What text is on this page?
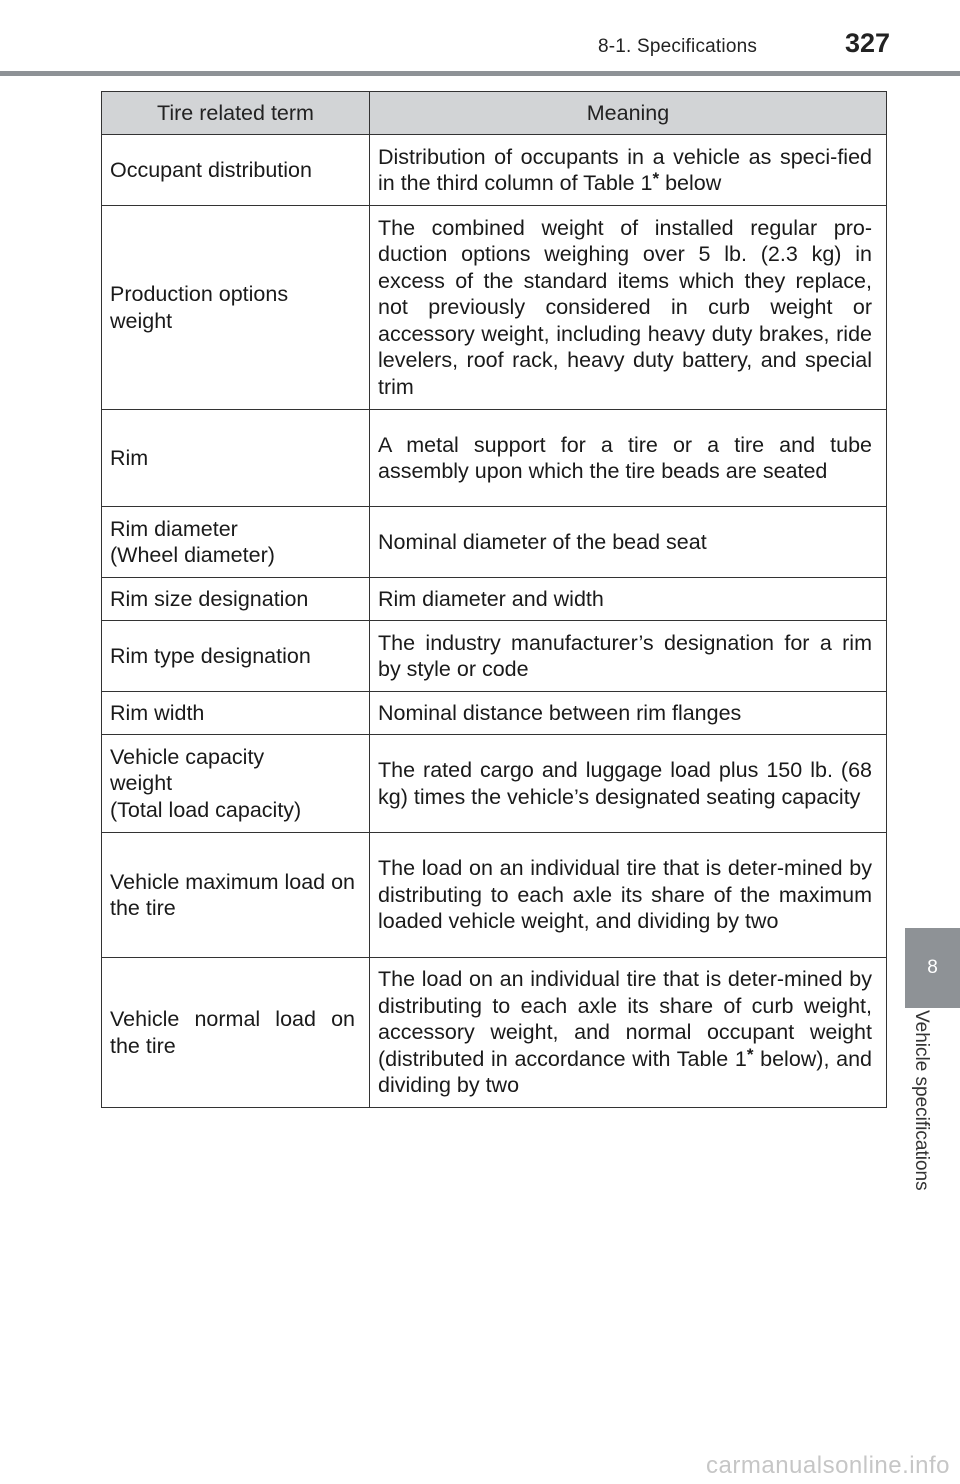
8-1. Specifications	327
8
Vehicle specifications
Tire related term	Meaning
Occupant distribution	Distribution of occupants in a vehicle as speci-fied in the third column of Table 1* below
Production options weight	The combined weight of installed regular pro-duction options weighing over 5 lb. (2.3 kg) in excess of the standard items which they replace, not previously considered in curb weight or accessory weight, including heavy duty brakes, ride levelers, roof rack, heavy duty battery, and special trim
Rim	A metal support for a tire or a tire and tube assembly upon which the tire beads are seated

Rim diameter
(Wheel diameter)	Nominal diameter of the bead seat
Rim size designation	Rim diameter and width
Rim type designation	The industry manufacturer’s designation for a rim by style or code
Rim width	Nominal distance between rim flanges

Vehicle capacity weight
(Total load capacity)	The rated cargo and luggage load plus 150 lb. (68 kg) times the vehicle’s designated seating capacity
Vehicle maximum load on the tire	The load on an individual tire that is deter-mined by distributing to each axle its share of the maximum loaded vehicle weight, and dividing by two
Vehicle normal load on the tire	The load on an individual tire that is deter-mined by distributing to each axle its share of curb weight, accessory weight, and normal occupant weight (distributed in accordance with Table 1* below), and dividing by two
carmanualsonline.info
